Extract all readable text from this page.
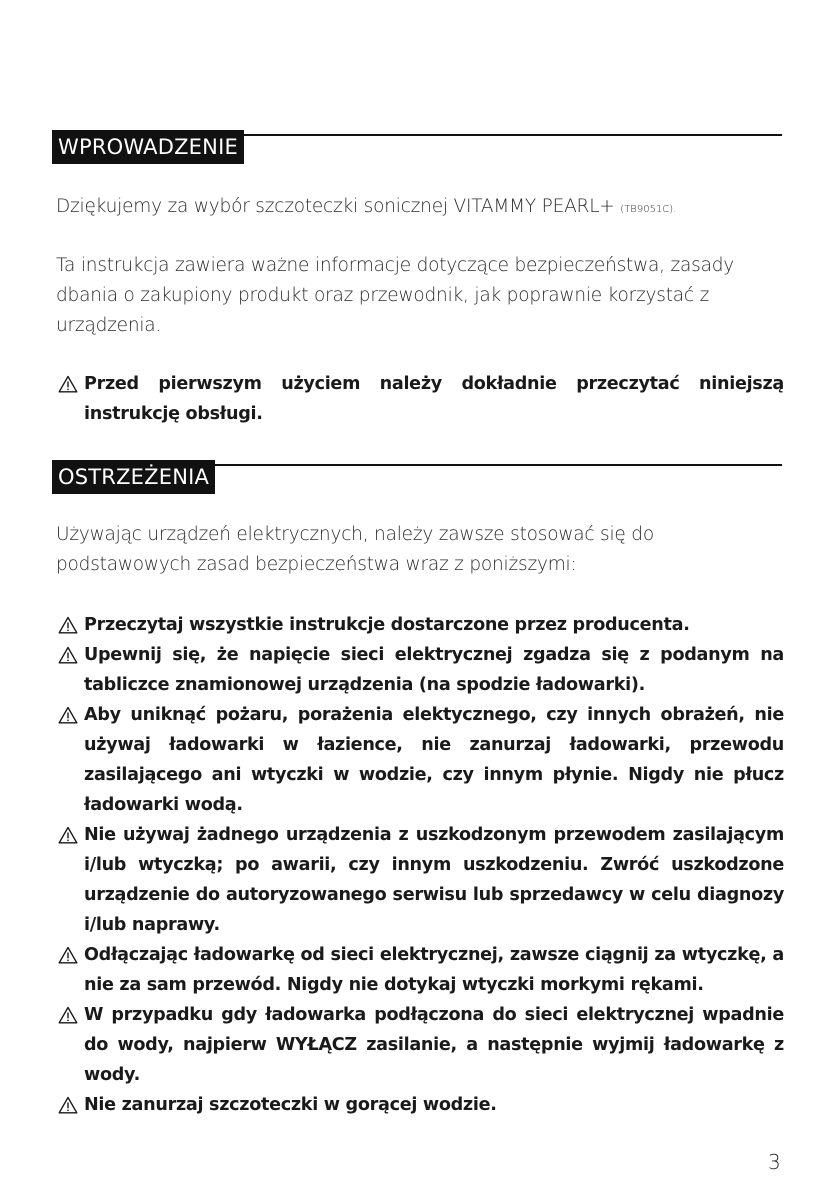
WPROWADZENIE
Dziękujemy za wybór szczoteczki sonicznej VITAMMY PEARL+ (TB9051C).
Ta instrukcja zawiera ważne informacje dotyczące bezpieczeństwa, zasady dbania o zakupiony produkt oraz przewodnik, jak poprawnie korzystać z urządzenia.
Przed pierwszym użyciem należy dokładnie przeczytać niniejszą instrukcję obsługi.
OSTRZEŻENIA
Używając urządzeń elektrycznych, należy zawsze stosować się do podstawowych zasad bezpieczeństwa wraz z poniższymi:
Przeczytaj wszystkie instrukcje dostarczone przez producenta.
Upewnij się, że napięcie sieci elektrycznej zgadza się z podanym na tabliczce znamionowej urządzenia (na spodzie ładowarki).
Aby uniknąć pożaru, porażenia elektycznego, czy innych obrażeń, nie używaj ładowarki w łazience, nie zanurzaj ładowarki, przewodu zasilającego ani wtyczki w wodzie, czy innym płynie. Nigdy nie płucz ładowarki wodą.
Nie używaj żadnego urządzenia z uszkodzonym przewodem zasilającym i/lub wtyczką; po awarii, czy innym uszkodzeniu. Zwróć uszkodzone urządzenie do autoryzowanego serwisu lub sprzedawcy w celu diagnozy i/lub naprawy.
Odłączając ładowarkę od sieci elektrycznej, zawsze ciągnij za wtyczkę, a nie za sam przewód. Nigdy nie dotykaj wtyczki morkymi rękami.
W przypadku gdy ładowarka podłączona do sieci elektrycznej wpadnie do wody, najpierw WYŁĄCZ zasilanie, a następnie wyjmij ładowarkę z wody.
Nie zanurzaj szczoteczki w gorącej wodzie.
3
